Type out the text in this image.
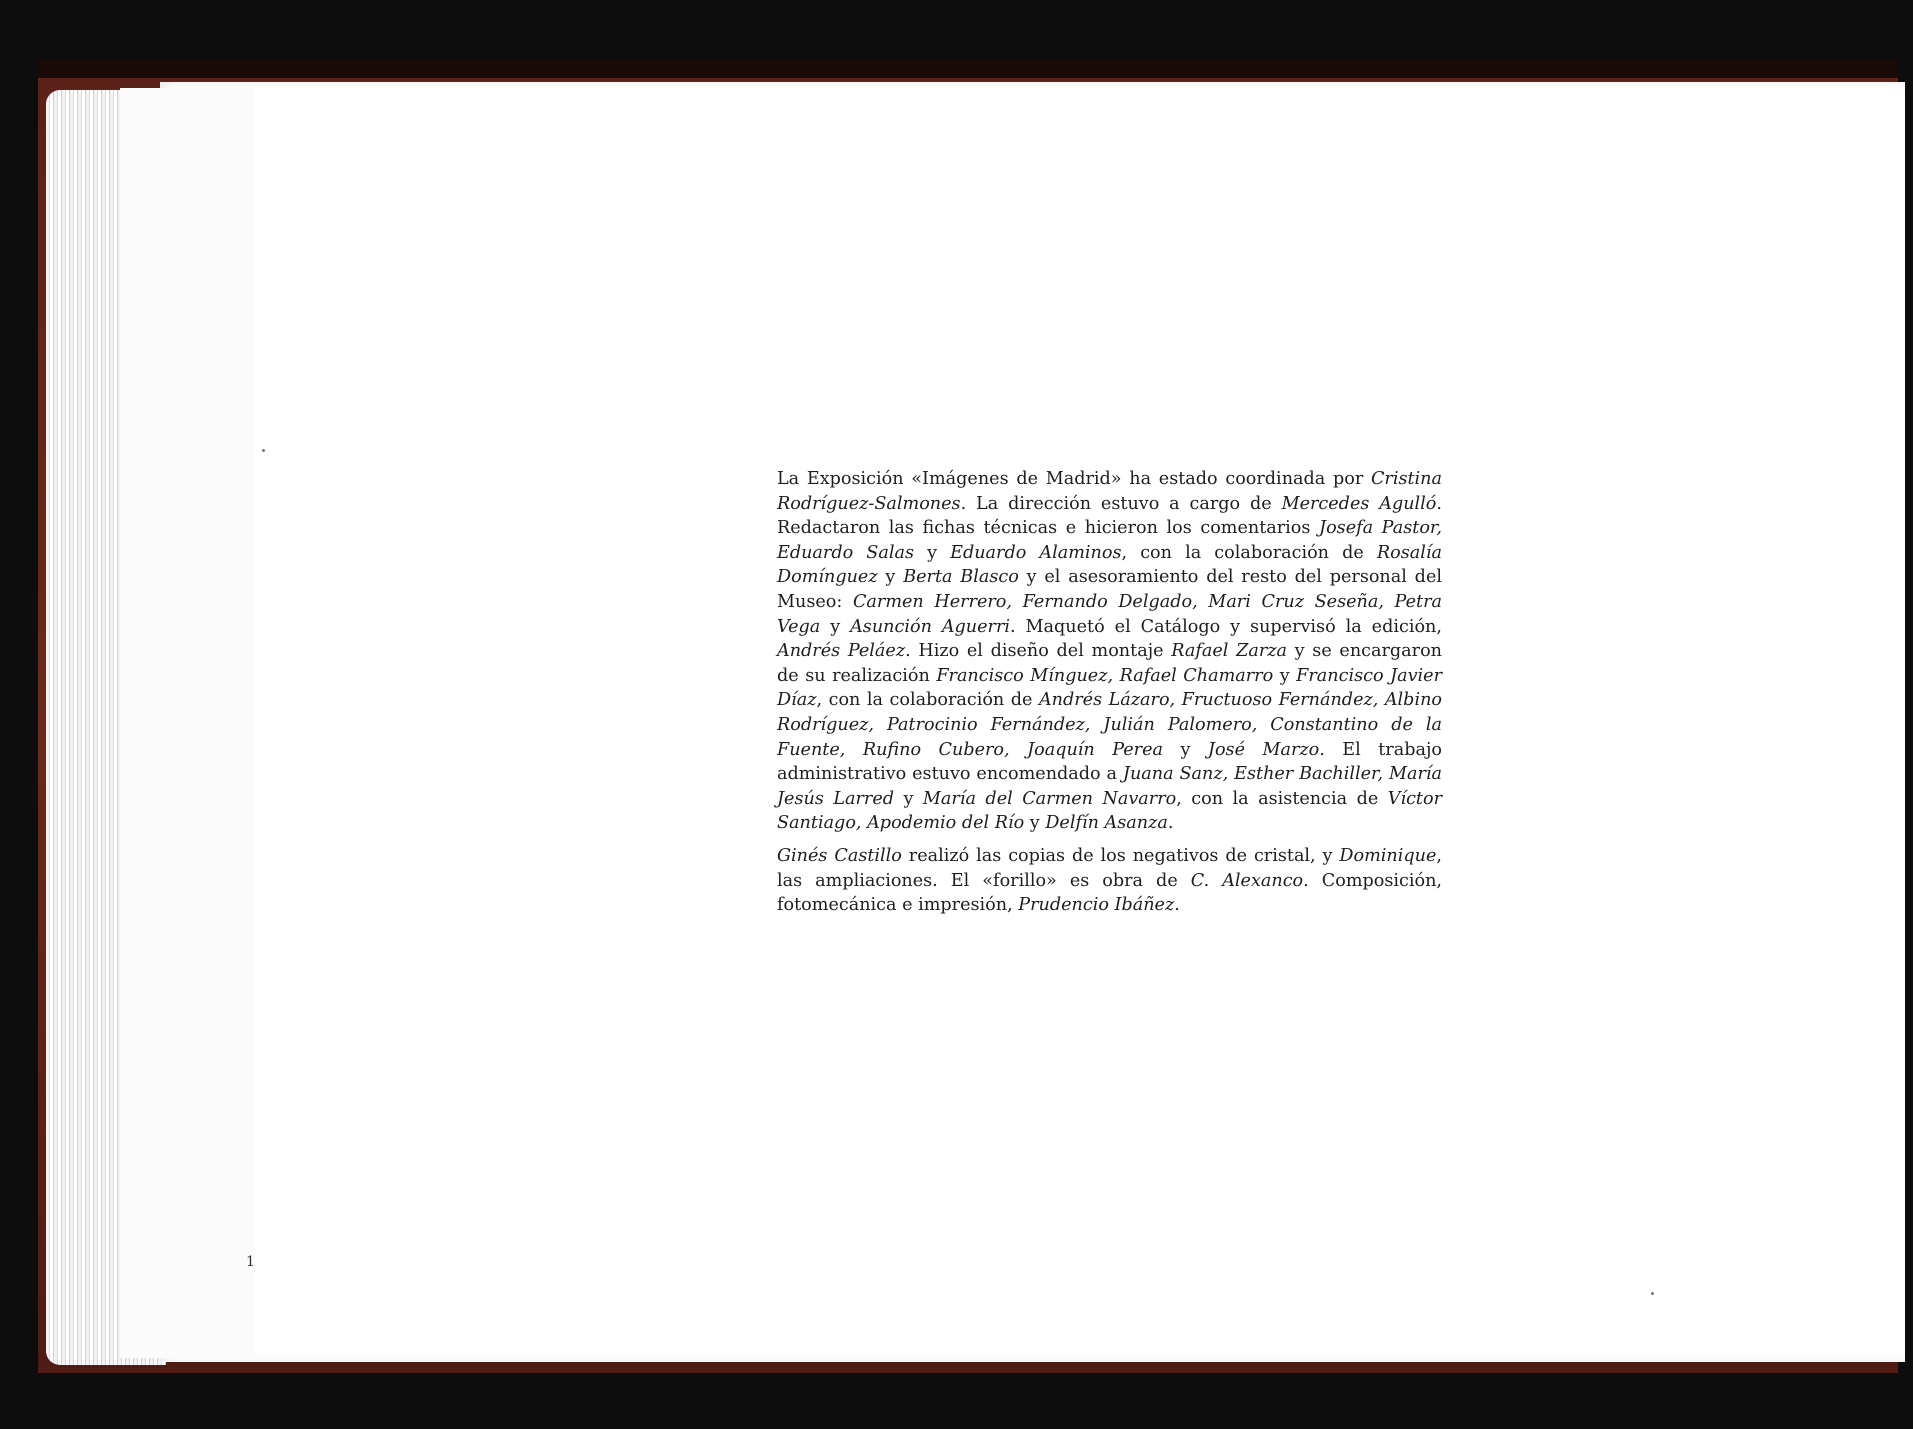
La Exposición «Imágenes de Madrid» ha estado coordinada por Cristina Rodríguez-Salmones. La dirección estuvo a cargo de Mercedes Agulló. Redactaron las fichas técnicas e hicieron los comentarios Josefa Pastor, Eduardo Salas y Eduardo Alaminos, con la colaboración de Rosalía Domínguez y Berta Blasco y el asesoramiento del resto del personal del Museo: Carmen Herrero, Fernando Delgado, Mari Cruz Seseña, Petra Vega y Asunción Aguerri. Maquetó el Catálogo y supervisó la edición, Andrés Peláez. Hizo el diseño del montaje Rafael Zarza y se encargaron de su realización Francisco Mínguez, Rafael Chamarro y Francisco Javier Díaz, con la colaboración de Andrés Lázaro, Fructuoso Fernández, Albino Rodríguez, Patrocinio Fernández, Julián Palomero, Constantino de la Fuente, Rufino Cubero, Joaquín Perea y José Marzo. El trabajo administrativo estuvo encomendado a Juana Sanz, Esther Bachiller, María Jesús Larred y María del Carmen Navarro, con la asistencia de Víctor Santiago, Apodemio del Río y Delfín Asanza.

Ginés Castillo realizó las copias de los negativos de cristal, y Dominique, las ampliaciones. El «forillo» es obra de C. Alexanco. Composición, fotomecánica e impresión, Prudencio Ibáñez.

1
